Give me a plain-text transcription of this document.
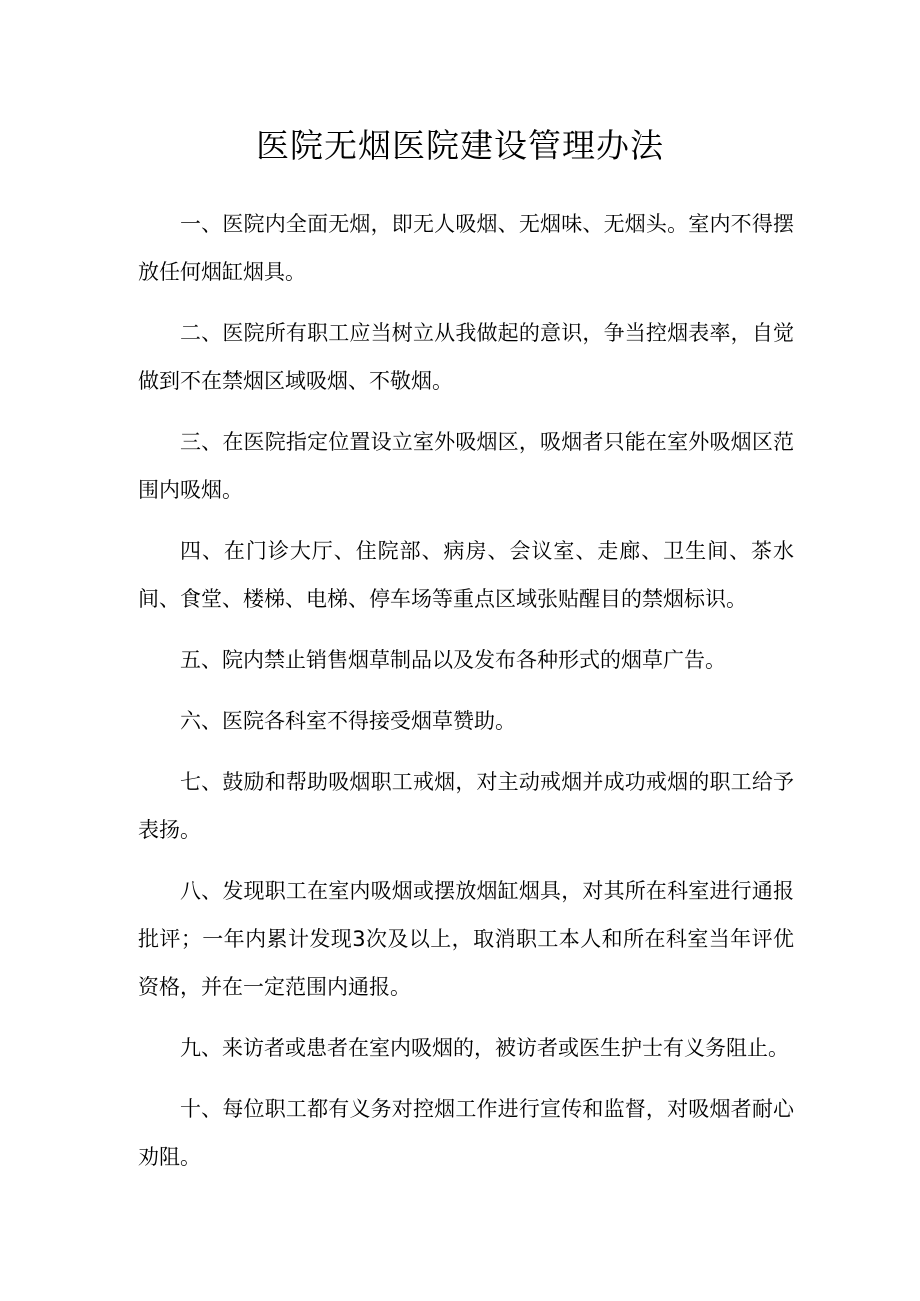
医院无烟医院建设管理办法

一、医院内全面无烟，即无人吸烟、无烟味、无烟头。室内不得摆放任何烟缸烟具。

二、医院所有职工应当树立从我做起的意识，争当控烟表率，自觉做到不在禁烟区域吸烟、不敬烟。

三、在医院指定位置设立室外吸烟区，吸烟者只能在室外吸烟区范围内吸烟。

四、在门诊大厅、住院部、病房、会议室、走廊、卫生间、茶水间、食堂、楼梯、电梯、停车场等重点区域张贴醒目的禁烟标识。

五、院内禁止销售烟草制品以及发布各种形式的烟草广告。

六、医院各科室不得接受烟草赞助。

七、鼓励和帮助吸烟职工戒烟，对主动戒烟并成功戒烟的职工给予表扬。

八、发现职工在室内吸烟或摆放烟缸烟具，对其所在科室进行通报批评；一年内累计发现3次及以上，取消职工本人和所在科室当年评优资格，并在一定范围内通报。

九、来访者或患者在室内吸烟的，被访者或医生护士有义务阻止。

十、每位职工都有义务对控烟工作进行宣传和监督，对吸烟者耐心劝阻。
